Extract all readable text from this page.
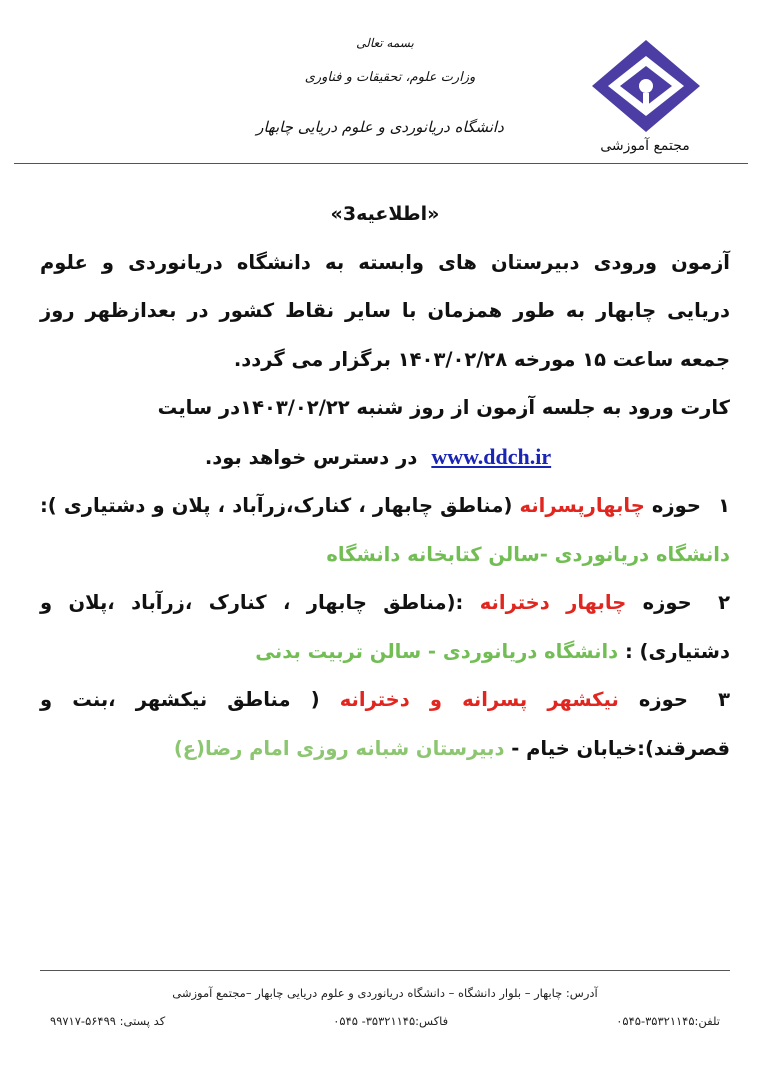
بسمه تعالی
وزارت علوم، تحقیقات و فناوری
دانشگاه دریانوردی و علوم دریایی چابهار
مجتمع آموزشی
«اطلاعیه3»
آزمون ورودی دبیرستان های وابسته به دانشگاه دریانوردی و علوم دریایی چابهار به طور همزمان با سایر نقاط کشور در بعدازظهر روز جمعه ساعت ۱۵ مورخه ۱۴۰۳/۰۲/۲۸ برگزار می گردد.
کارت ورود به جلسه آزمون از روز شنبه ۱۴۰۳/۰۲/۲۲در سایت
www.ddch.irدر دسترس خواهد بود.
۱ حوزه چابهارپسرانه (مناطق چابهار ، کنارک،زرآباد ، پلان و دشتیاری ): دانشگاه دریانوردی -سالن کتابخانه دانشگاه
۲ حوزه چابهار دخترانه :(مناطق چابهار ، کنارک ،زرآباد ،پلان و دشتیاری) : دانشگاه دریانوردی - سالن تربیت بدنی
۳ حوزه نیکشهر پسرانه و دخترانه ( مناطق نیکشهر ،بنت و قصرقند):خیابان خیام - دبیرستان شبانه روزی امام رضا(ع)
آدرس: چابهار – بلوار دانشگاه – دانشگاه دریانوردی و علوم دریایی چابهار –مجتمع آموزشی
تلفن:۳۵۳۲۱۱۴۵-۰۵۴۵
فاکس:۳۵۳۲۱۱۴۵- ۰۵۴۵
کد پستی: ۵۶۴۹۹-۹۹۷۱۷
